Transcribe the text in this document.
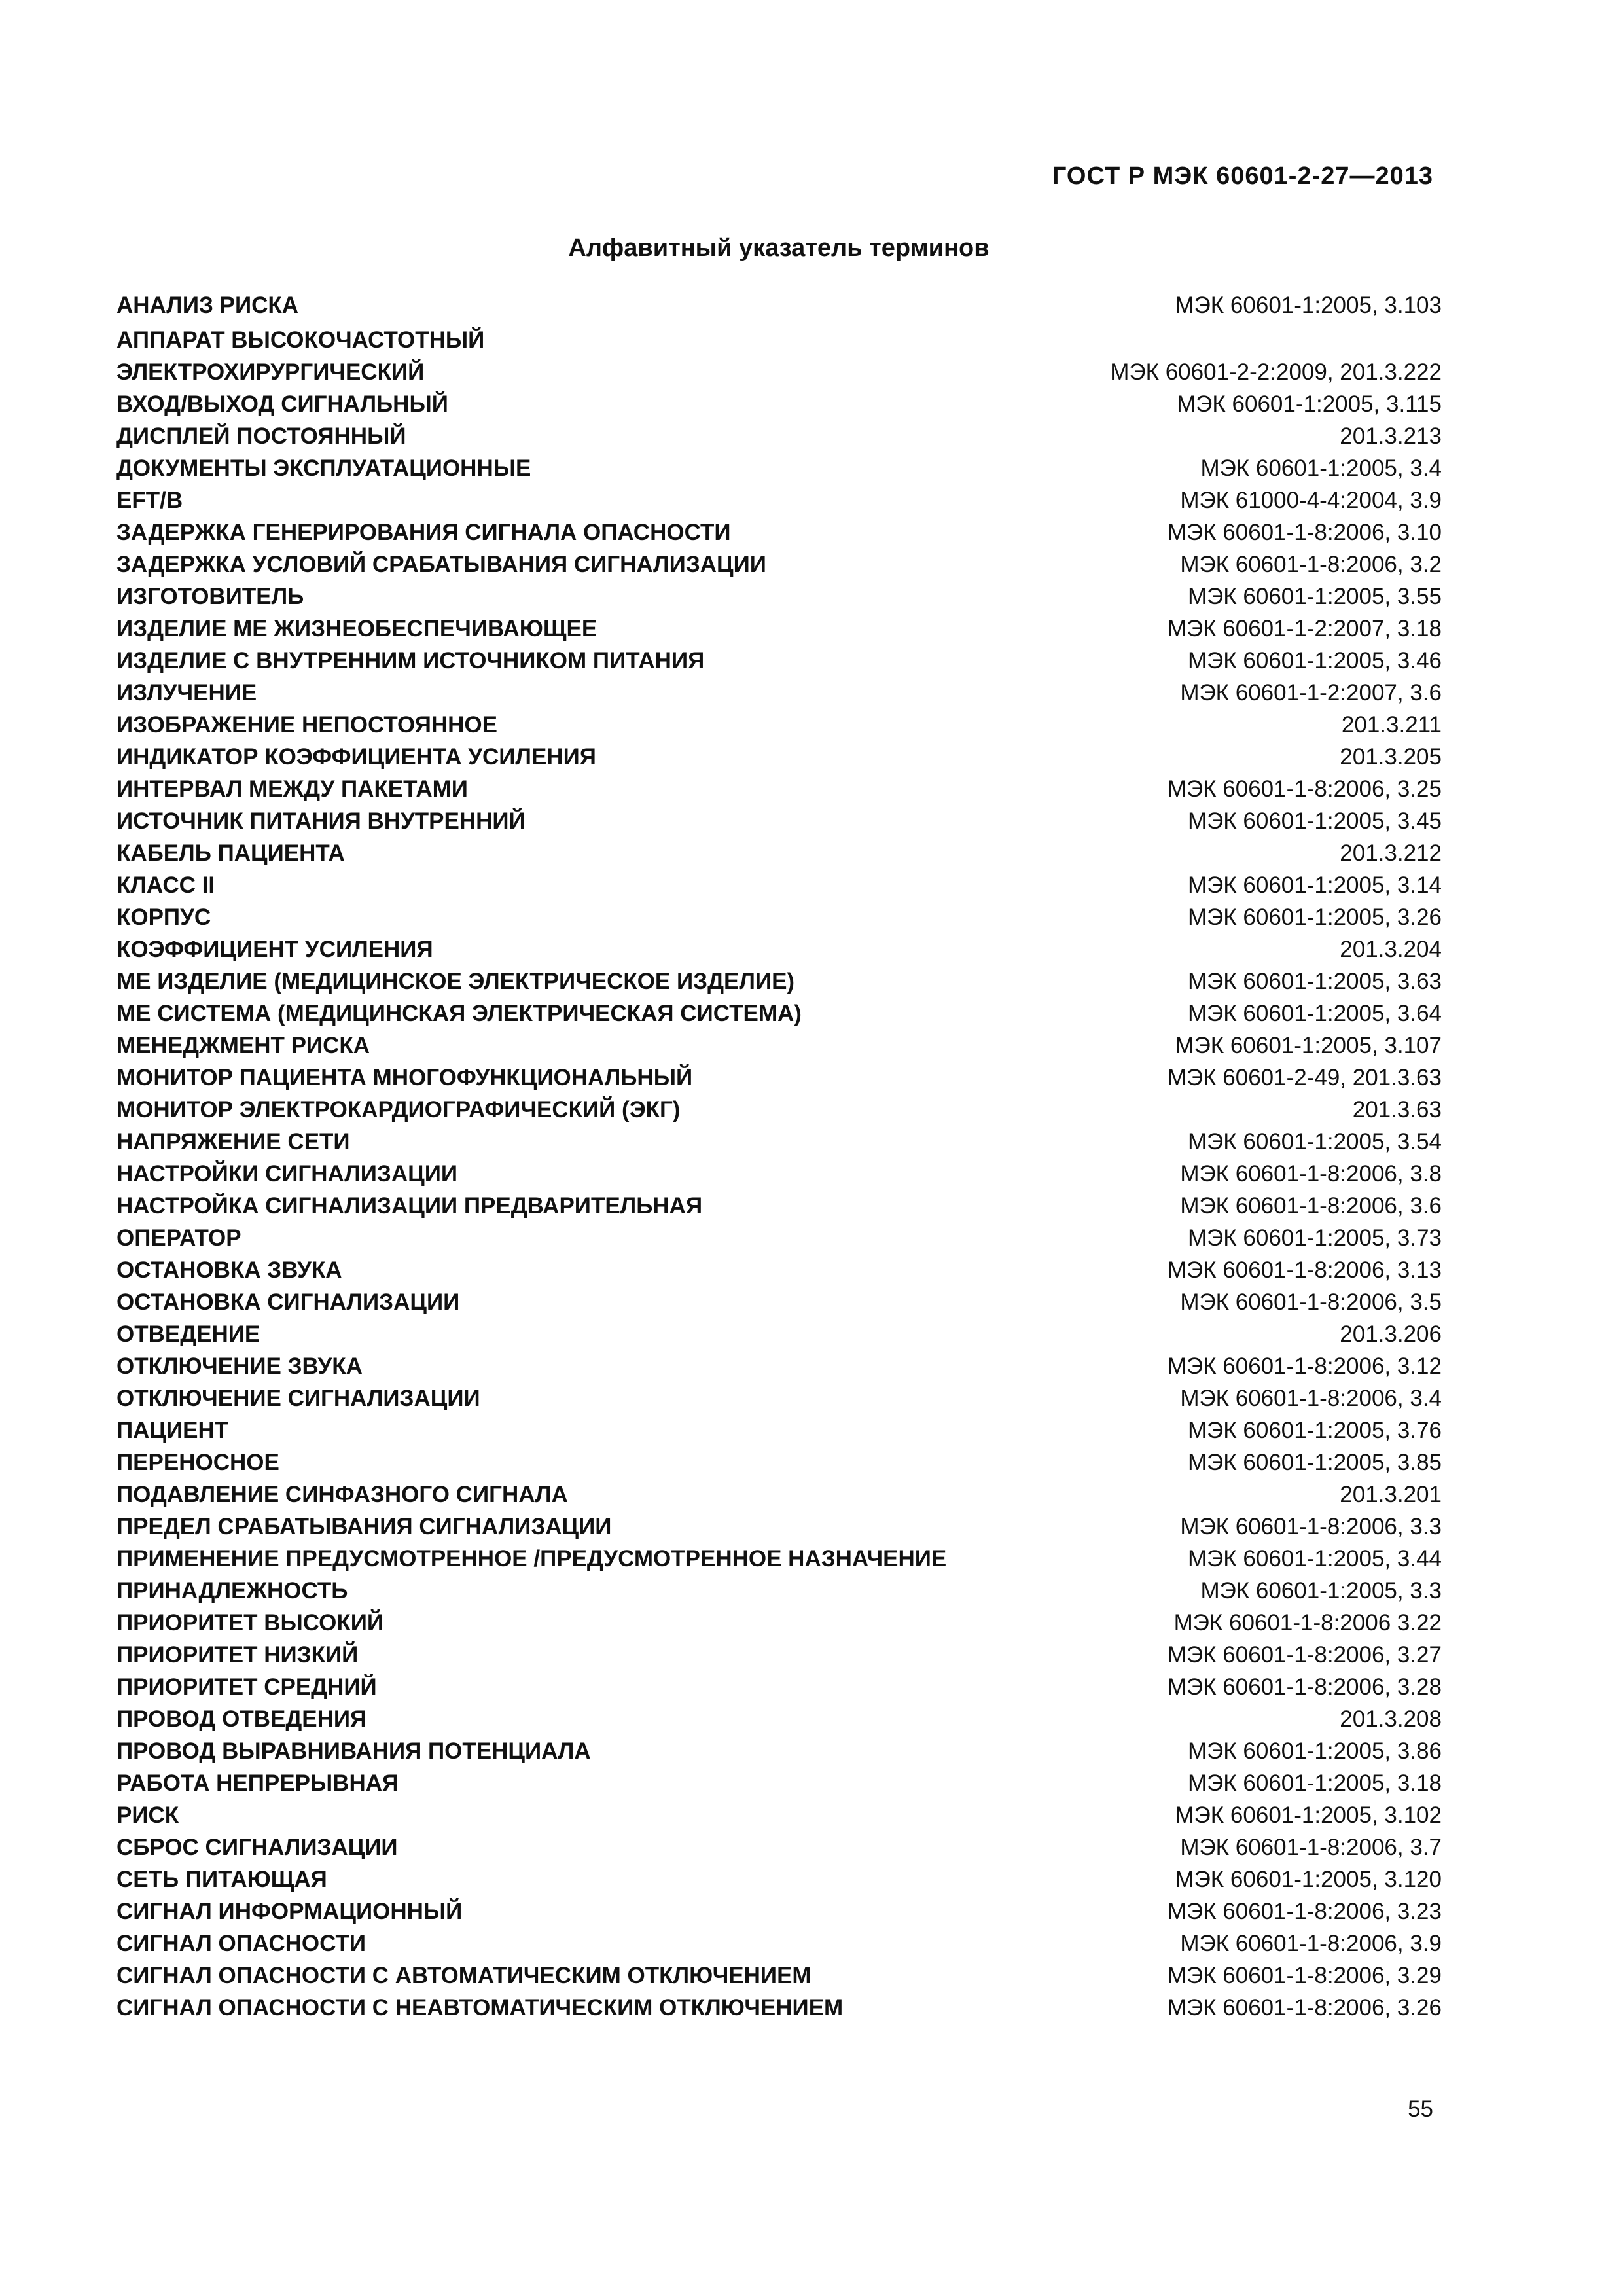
ГОСТ Р МЭК 60601-2-27—2013
Алфавитный указатель терминов
АНАЛИЗ РИСКА	МЭК 60601-1:2005, 3.103
АППАРАТ ВЫСОКОЧАСТОТНЫЙ
ЭЛЕКТРОХИРУРГИЧЕСКИЙ	МЭК 60601-2-2:2009, 201.3.222
ВХОД/ВЫХОД СИГНАЛЬНЫЙ	МЭК 60601-1:2005, 3.115
ДИСПЛЕЙ ПОСТОЯННЫЙ	201.3.213
ДОКУМЕНТЫ ЭКСПЛУАТАЦИОННЫЕ	МЭК 60601-1:2005, 3.4
EFT/B	МЭК 61000-4-4:2004, 3.9
ЗАДЕРЖКА ГЕНЕРИРОВАНИЯ СИГНАЛА ОПАСНОСТИ	МЭК 60601-1-8:2006, 3.10
ЗАДЕРЖКА УСЛОВИЙ СРАБАТЫВАНИЯ СИГНАЛИЗАЦИИ	МЭК 60601-1-8:2006, 3.2
ИЗГОТОВИТЕЛЬ	МЭК 60601-1:2005, 3.55
ИЗДЕЛИЕ МЕ ЖИЗНЕОБЕСПЕЧИВАЮЩЕЕ	МЭК 60601-1-2:2007, 3.18
ИЗДЕЛИЕ С ВНУТРЕННИМ ИСТОЧНИКОМ ПИТАНИЯ	МЭК 60601-1:2005, 3.46
ИЗЛУЧЕНИЕ	МЭК 60601-1-2:2007, 3.6
ИЗОБРАЖЕНИЕ НЕПОСТОЯННОЕ	201.3.211
ИНДИКАТОР КОЭФФИЦИЕНТА УСИЛЕНИЯ	201.3.205
ИНТЕРВАЛ МЕЖДУ ПАКЕТАМИ	МЭК 60601-1-8:2006, 3.25
ИСТОЧНИК ПИТАНИЯ ВНУТРЕННИЙ	МЭК 60601-1:2005, 3.45
КАБЕЛЬ ПАЦИЕНТА	201.3.212
КЛАСС II	МЭК 60601-1:2005, 3.14
КОРПУС	МЭК 60601-1:2005, 3.26
КОЭФФИЦИЕНТ УСИЛЕНИЯ	201.3.204
МЕ ИЗДЕЛИЕ (МЕДИЦИНСКОЕ ЭЛЕКТРИЧЕСКОЕ ИЗДЕЛИЕ)	МЭК 60601-1:2005, 3.63
МЕ СИСТЕМА (МЕДИЦИНСКАЯ ЭЛЕКТРИЧЕСКАЯ СИСТЕМА)	МЭК 60601-1:2005, 3.64
МЕНЕДЖМЕНТ РИСКА	МЭК 60601-1:2005, 3.107
МОНИТОР ПАЦИЕНТА МНОГОФУНКЦИОНАЛЬНЫЙ	МЭК 60601-2-49, 201.3.63
МОНИТОР ЭЛЕКТРОКАРДИОГРАФИЧЕСКИЙ (ЭКГ)	201.3.63
НАПРЯЖЕНИЕ СЕТИ	МЭК 60601-1:2005, 3.54
НАСТРОЙКИ СИГНАЛИЗАЦИИ	МЭК 60601-1-8:2006, 3.8
НАСТРОЙКА СИГНАЛИЗАЦИИ ПРЕДВАРИТЕЛЬНАЯ	МЭК 60601-1-8:2006, 3.6
ОПЕРАТОР	МЭК 60601-1:2005, 3.73
ОСТАНОВКА ЗВУКА	МЭК 60601-1-8:2006, 3.13
ОСТАНОВКА СИГНАЛИЗАЦИИ	МЭК 60601-1-8:2006, 3.5
ОТВЕДЕНИЕ	201.3.206
ОТКЛЮЧЕНИЕ ЗВУКА	МЭК 60601-1-8:2006, 3.12
ОТКЛЮЧЕНИЕ СИГНАЛИЗАЦИИ	МЭК 60601-1-8:2006, 3.4
ПАЦИЕНТ	МЭК 60601-1:2005, 3.76
ПЕРЕНОСНОЕ	МЭК 60601-1:2005, 3.85
ПОДАВЛЕНИЕ СИНФАЗНОГО СИГНАЛА	201.3.201
ПРЕДЕЛ СРАБАТЫВАНИЯ СИГНАЛИЗАЦИИ	МЭК 60601-1-8:2006, 3.3
ПРИМЕНЕНИЕ ПРЕДУСМОТРЕННОЕ /ПРЕДУСМОТРЕННОЕ НАЗНАЧЕНИЕ	МЭК 60601-1:2005, 3.44
ПРИНАДЛЕЖНОСТЬ	МЭК 60601-1:2005, 3.3
ПРИОРИТЕТ ВЫСОКИЙ	МЭК 60601-1-8:2006 3.22
ПРИОРИТЕТ НИЗКИЙ	МЭК 60601-1-8:2006, 3.27
ПРИОРИТЕТ СРЕДНИЙ	МЭК 60601-1-8:2006, 3.28
ПРОВОД ОТВЕДЕНИЯ	201.3.208
ПРОВОД ВЫРАВНИВАНИЯ ПОТЕНЦИАЛА	МЭК 60601-1:2005, 3.86
РАБОТА НЕПРЕРЫВНАЯ	МЭК 60601-1:2005, 3.18
РИСК	МЭК 60601-1:2005, 3.102
СБРОС СИГНАЛИЗАЦИИ	МЭК 60601-1-8:2006, 3.7
СЕТЬ ПИТАЮЩАЯ	МЭК 60601-1:2005, 3.120
СИГНАЛ ИНФОРМАЦИОННЫЙ	МЭК 60601-1-8:2006, 3.23
СИГНАЛ ОПАСНОСТИ	МЭК 60601-1-8:2006, 3.9
СИГНАЛ ОПАСНОСТИ С АВТОМАТИЧЕСКИМ ОТКЛЮЧЕНИЕМ	МЭК 60601-1-8:2006, 3.29
СИГНАЛ ОПАСНОСТИ С НЕАВТОМАТИЧЕСКИМ ОТКЛЮЧЕНИЕМ	МЭК 60601-1-8:2006, 3.26
55
